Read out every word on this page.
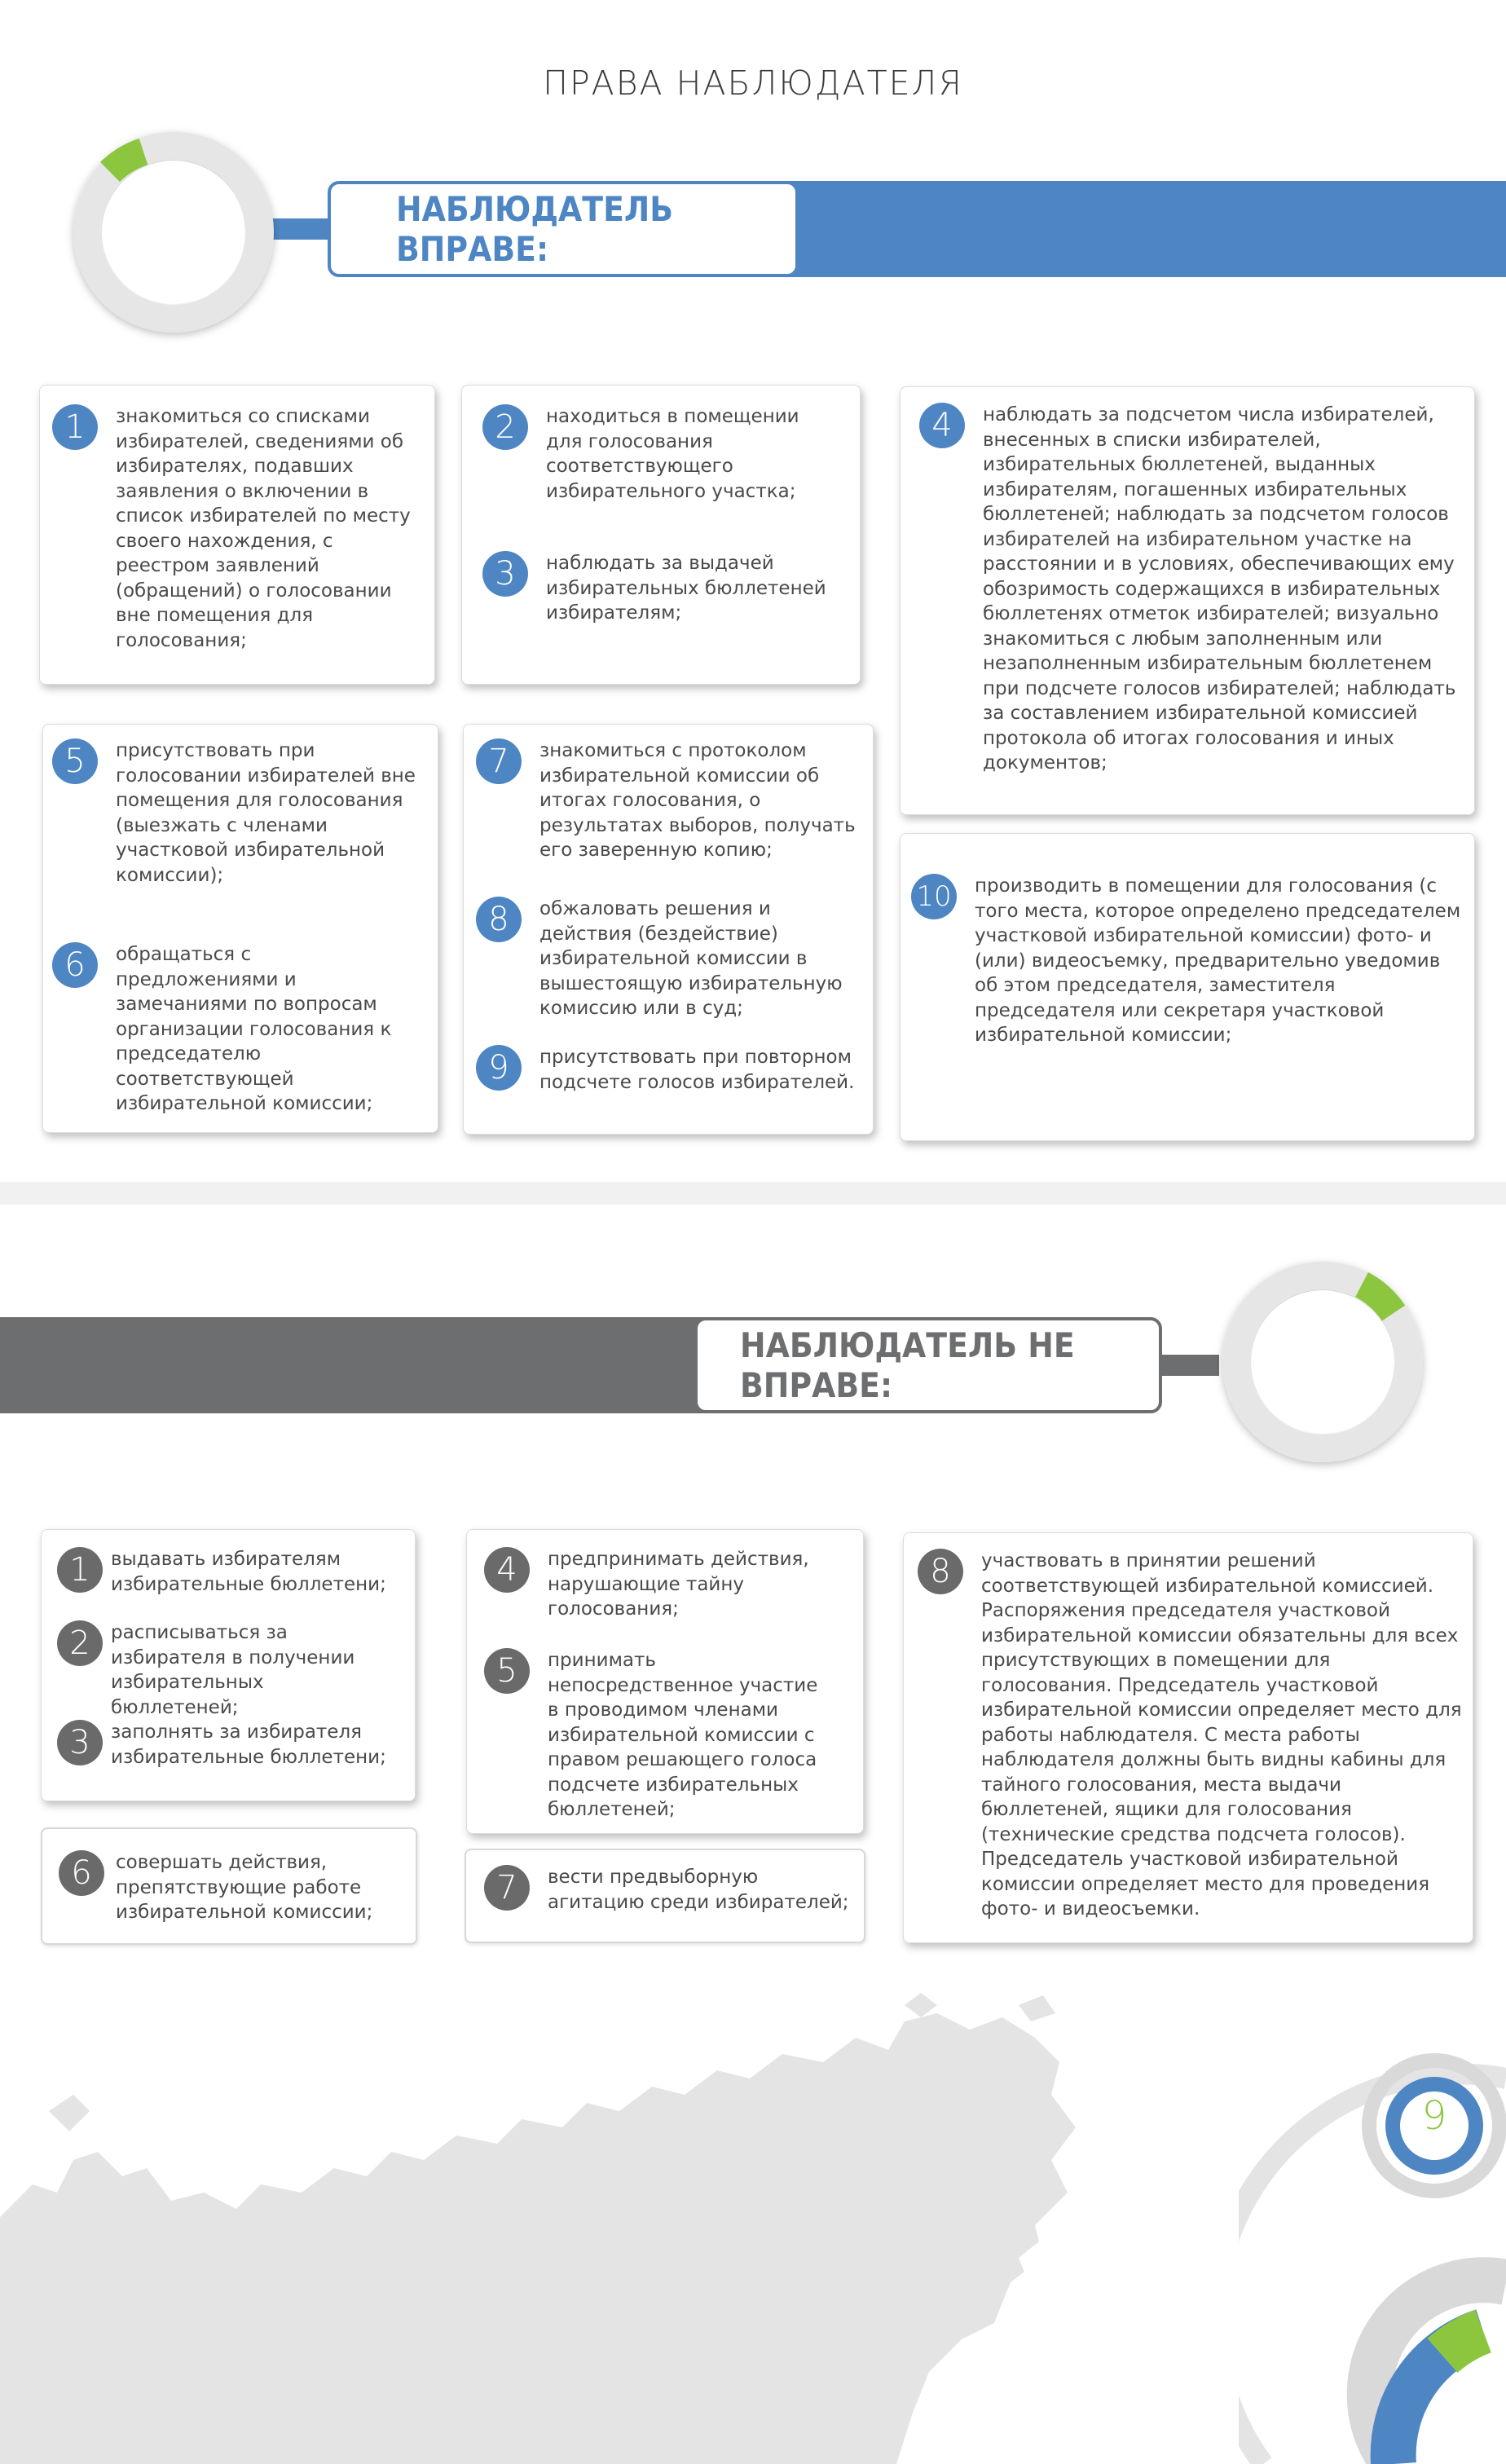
ПРАВА НАБЛЮДАТЕЛЯ
НАБЛЮДАТЕЛЬ ВПРАВЕ:
1	знакомиться со списками избирателей, сведениями об избирателях, подавших заявления о включении в список избирателей по месту своего нахождения, с реестром заявлений (обращений) о голосовании вне помещения для голосования;
2	находиться в помещении для голосования соответствующего избирательного участка;
3	наблюдать за выдачей избирательных бюллетеней избирателям;
4	наблюдать за подсчетом числа избирателей, внесенных в списки избирателей, избирательных бюллетеней, выданных избирателям, погашенных избирательных бюллетеней; наблюдать за подсчетом голосов избирателей на избирательном участке на расстоянии и в условиях, обеспечивающих ему обозримость содержащихся в избирательных бюллетенях отметок избирателей; визуально знакомиться с любым заполненным или незаполненным избирательным бюллетенем при подсчете голосов избирателей; наблюдать за составлением избирательной комиссией протокола об итогах голосования и иных документов;
5	присутствовать при голосовании избирателей вне помещения для голосования (выезжать с членами участковой избирательной комиссии);
6	обращаться с предложениями и замечаниями по вопросам организации голосования к председателю соответствующей избирательной комиссии;
7	знакомиться с протоколом избирательной комиссии об итогах голосования, о результатах выборов, получать его заверенную копию;
8	обжаловать решения и действия (бездействие) избирательной комиссии в вышестоящую избирательную комиссию или в суд;
9	присутствовать при повторном подсчете голосов избирателей.
10 производить в помещении для голосования (с того места, которое определено председателем участковой избирательной комиссии) фото- и (или) видеосъемку, предварительно уведомив об этом председателя, заместителя председателя или секретаря участковой избирательной комиссии;
НАБЛЮДАТЕЛЬ НЕ ВПРАВЕ:
1	выдавать избирателям избирательные бюллетени;
2	расписываться за избирателя в получении избирательных бюллетеней;
3	заполнять за избирателя избирательные бюллетени;
4	предпринимать действия, нарушающие тайну голосования;
5	принимать непосредственное участие в проводимом членами избирательной комиссии с правом решающего голоса подсчете избирательных бюллетеней;
6	совершать действия, препятствующие работе избирательной комиссии;
7	вести предвыборную агитацию среди избирателей;
8	участвовать в принятии решений соответствующей избирательной комиссией. Распоряжения председателя участковой избирательной комиссии обязательны для всех присутствующих в помещении для голосования. Председатель участковой избирательной комиссии определяет место для работы наблюдателя. С места работы наблюдателя должны быть видны кабины для тайного голосования, места выдачи бюллетеней, ящики для голосования (технические средства подсчета голосов). Председатель участковой избирательной комиссии определяет место для проведения фото- и видеосъемки.
9
